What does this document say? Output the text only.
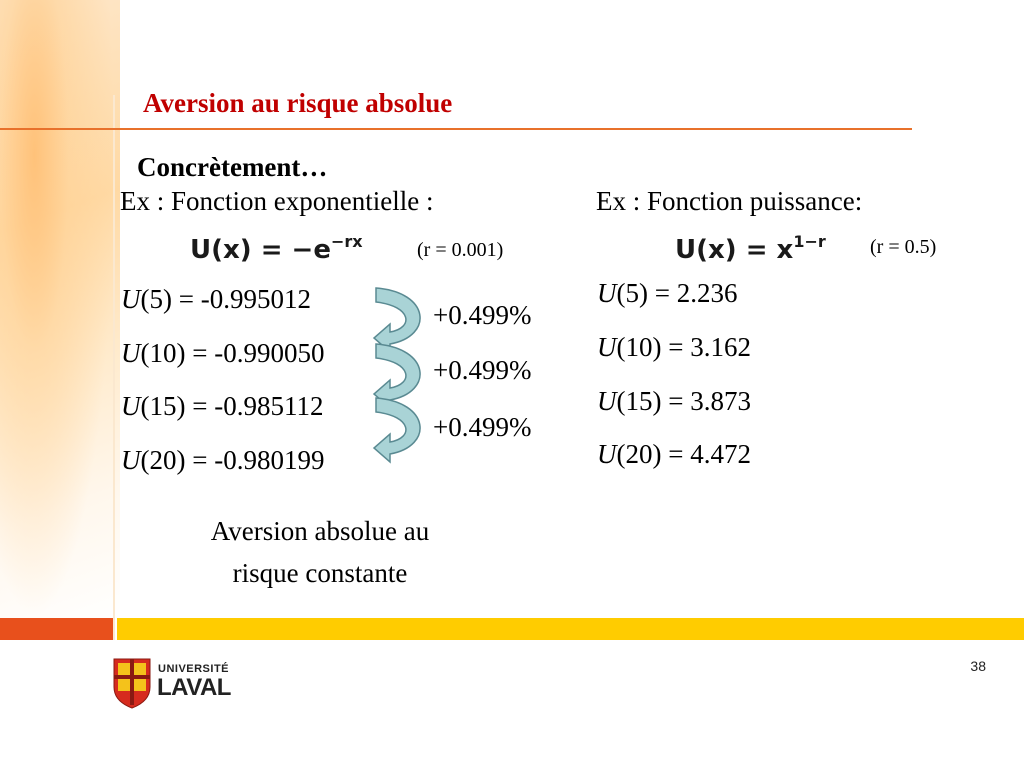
Aversion au risque absolue
Concrètement…
Ex : Fonction exponentielle :
$U(x) = -e^{-rx}$	(r = 0.001)
U(5) = -0.995012
U(10) = -0.990050
U(15) = -0.985112
U(20) = -0.980199
+0.499%
+0.499%
+0.499%
Aversion absolue au
risque constante
Ex : Fonction puissance:
$U(x) = x^{1-r}$ (r = 0.5)
U(5) = 2.236
U(10) = 3.162
U(15) = 3.873
U(20) = 4.472
UNIVERSITÉ
LAVAL
38
